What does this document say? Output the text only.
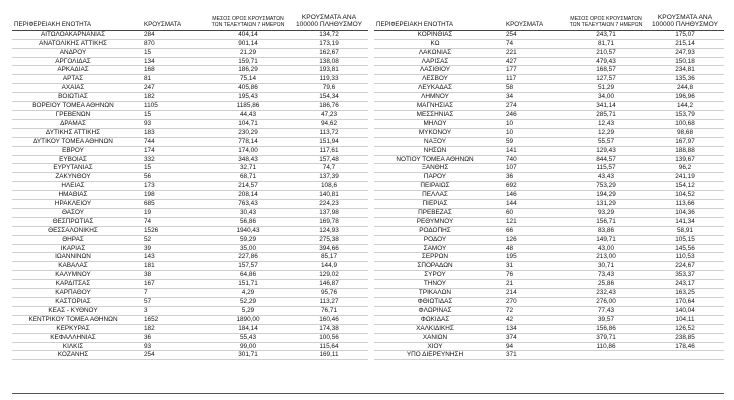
ΠΕΡΙΦΕΡΕΙΑΚΗ ΕΝΟΤΗΤΑ	ΚΡΟΥΣΜΑΤΑ	ΜΕΣΟΣ ΟΡΟΣ ΚΡΟΥΣΜΑΤΩΝ ΤΩΝ ΤΕΛΕΥΤΑΙΩΝ 7 ΗΜΕΡΩΝ	ΚΡΟΥΣΜΑΤΑ ΑΝΑ 100000 ΠΛΗΘΥΣΜΟΥ
ΑΙΤΩΛΟΑΚΑΡΝΑΝΙΑΣ	284	404,14	134,72
ΑΝΑΤΟΛΙΚΗΣ ΑΤΤΙΚΗΣ	870	901,14	173,19
ΑΝΔΡΟΥ	15	21,29	162,67
ΑΡΓΟΛΙΔΑΣ	134	159,71	138,08
ΑΡΚΑΔΙΑΣ	168	186,29	193,81
ΑΡΤΑΣ	81	75,14	119,33
ΑΧΑΪΑΣ	247	405,86	79,6
ΒΟΙΩΤΙΑΣ	182	195,43	154,34
ΒΟΡΕΙΟΥ ΤΟΜΕΑ ΑΘΗΝΩΝ	1105	1185,86	186,76
ΓΡΕΒΕΝΩΝ	15	44,43	47,23
ΔΡΑΜΑΣ	93	104,71	94,62
ΔΥΤΙΚΗΣ ΑΤΤΙΚΗΣ	183	230,29	113,72
ΔΥΤΙΚΟΥ ΤΟΜΕΑ ΑΘΗΝΩΝ	744	778,14	151,94
ΕΒΡΟΥ	174	174,00	117,61
ΕΥΒΟΙΑΣ	332	348,43	157,48
ΕΥΡΥΤΑΝΙΑΣ	15	32,71	74,7
ΖΑΚΥΝΘΟΥ	56	68,71	137,39
ΗΛΕΙΑΣ	173	214,57	108,6
ΗΜΑΘΙΑΣ	198	208,14	140,81
ΗΡΑΚΛΕΙΟΥ	685	763,43	224,23
ΘΑΣΟΥ	19	30,43	137,98
ΘΕΣΠΡΩΤΙΑΣ	74	56,86	169,78
ΘΕΣΣΑΛΟΝΙΚΗΣ	1526	1940,43	124,93
ΘΗΡΑΣ	52	59,29	275,38
ΙΚΑΡΙΑΣ	39	35,00	394,66
ΙΩΑΝΝΙΝΩΝ	143	227,86	85,17
ΚΑΒΑΛΑΣ	181	157,57	144,9
ΚΑΛΥΜΝΟΥ	38	64,86	129,02
ΚΑΡΔΙΤΣΑΣ	167	151,71	146,87
ΚΑΡΠΑΘΟΥ	7	4,29	95,76
ΚΑΣΤΟΡΙΑΣ	57	52,29	113,27
ΚΕΑΣ - ΚΥΘΝΟΥ	3	5,29	76,71
ΚΕΝΤΡΙΚΟΥ ΤΟΜΕΑ ΑΘΗΝΩΝ	1652	1890,00	160,46
ΚΕΡΚΥΡΑΣ	182	184,14	174,38
ΚΕΦΑΛΛΗΝΙΑΣ	36	55,43	100,56
ΚΙΛΚΙΣ	93	99,00	115,64
ΚΟΖΑΝΗΣ	254	301,71	169,11
ΠΕΡΙΦΕΡΕΙΑΚΗ ΕΝΟΤΗΤΑ	ΚΡΟΥΣΜΑΤΑ	ΜΕΣΟΣ ΟΡΟΣ ΚΡΟΥΣΜΑΤΩΝ ΤΩΝ ΤΕΛΕΥΤΑΙΩΝ 7 ΗΜΕΡΩΝ	ΚΡΟΥΣΜΑΤΑ ΑΝΑ 100000 ΠΛΗΘΥΣΜΟΥ
ΚΟΡΙΝΘΙΑΣ	254	243,71	175,07
ΚΩ	74	81,71	215,14
ΛΑΚΩΝΙΑΣ	221	210,57	247,93
ΛΑΡΙΣΑΣ	427	479,43	150,18
ΛΑΣΙΘΙΟΥ	177	168,57	234,81
ΛΕΣΒΟΥ	117	127,57	135,36
ΛΕΥΚΑΔΑΣ	58	51,29	244,8
ΛΗΜΝΟΥ	34	34,00	196,96
ΜΑΓΝΗΣΙΑΣ	274	341,14	144,2
ΜΕΣΣΗΝΙΑΣ	246	285,71	153,79
ΜΗΛΟΥ	10	12,43	100,68
ΜΥΚΟΝΟΥ	10	12,29	98,68
ΝΑΞΟΥ	59	55,57	167,97
ΝΗΣΩΝ	141	129,43	188,88
ΝΟΤΙΟΥ ΤΟΜΕΑ ΑΘΗΝΩΝ	740	844,57	139,67
ΞΑΝΘΗΣ	107	115,57	96,2
ΠΑΡΟΥ	36	43,43	241,19
ΠΕΙΡΑΙΩΣ	692	753,29	154,12
ΠΕΛΛΑΣ	146	194,29	104,52
ΠΙΕΡΙΑΣ	144	131,29	113,66
ΠΡΕΒΕΖΑΣ	60	93,29	104,36
ΡΕΘΥΜΝΟΥ	121	156,71	141,34
ΡΟΔΟΠΗΣ	66	83,86	58,91
ΡΟΔΟΥ	126	149,71	105,15
ΣΑΜΟΥ	48	43,00	145,56
ΣΕΡΡΩΝ	195	213,00	110,53
ΣΠΟΡΑΔΩΝ	31	30,71	224,67
ΣΥΡΟΥ	76	73,43	353,37
ΤΗΝΟΥ	21	25,86	243,17
ΤΡΙΚΑΛΩΝ	214	232,43	163,25
ΦΘΙΩΤΙΔΑΣ	270	276,00	170,64
ΦΛΩΡΙΝΑΣ	72	77,43	140,04
ΦΩΚΙΔΑΣ	42	39,57	104,11
ΧΑΛΚΙΔΙΚΗΣ	134	156,86	126,52
ΧΑΝΙΩΝ	374	379,71	238,85
ΧΙΟΥ	94	110,86	178,46
ΥΠΟ ΔΙΕΡΕΥΝΗΣΗ	371		
